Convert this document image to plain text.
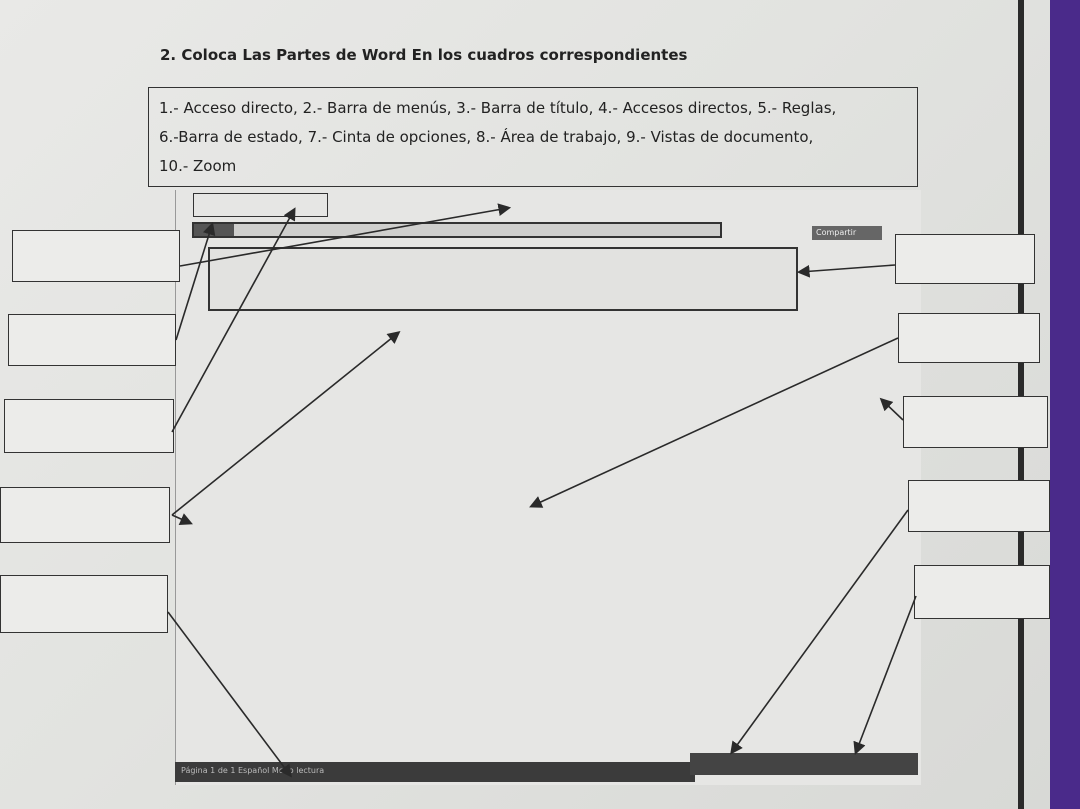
2. Coloca Las Partes de Word En los cuadros correspondientes

1.- Acceso directo, 2.- Barra de menús, 3.- Barra de título, 4.- Accesos directos, 5.- Reglas,

6.-Barra de estado, 7.- Cinta de opciones, 8.- Área de trabajo, 9.- Vistas de documento,

10.- Zoom

Compartir
Página 1 de 1 Español Modo lectura
